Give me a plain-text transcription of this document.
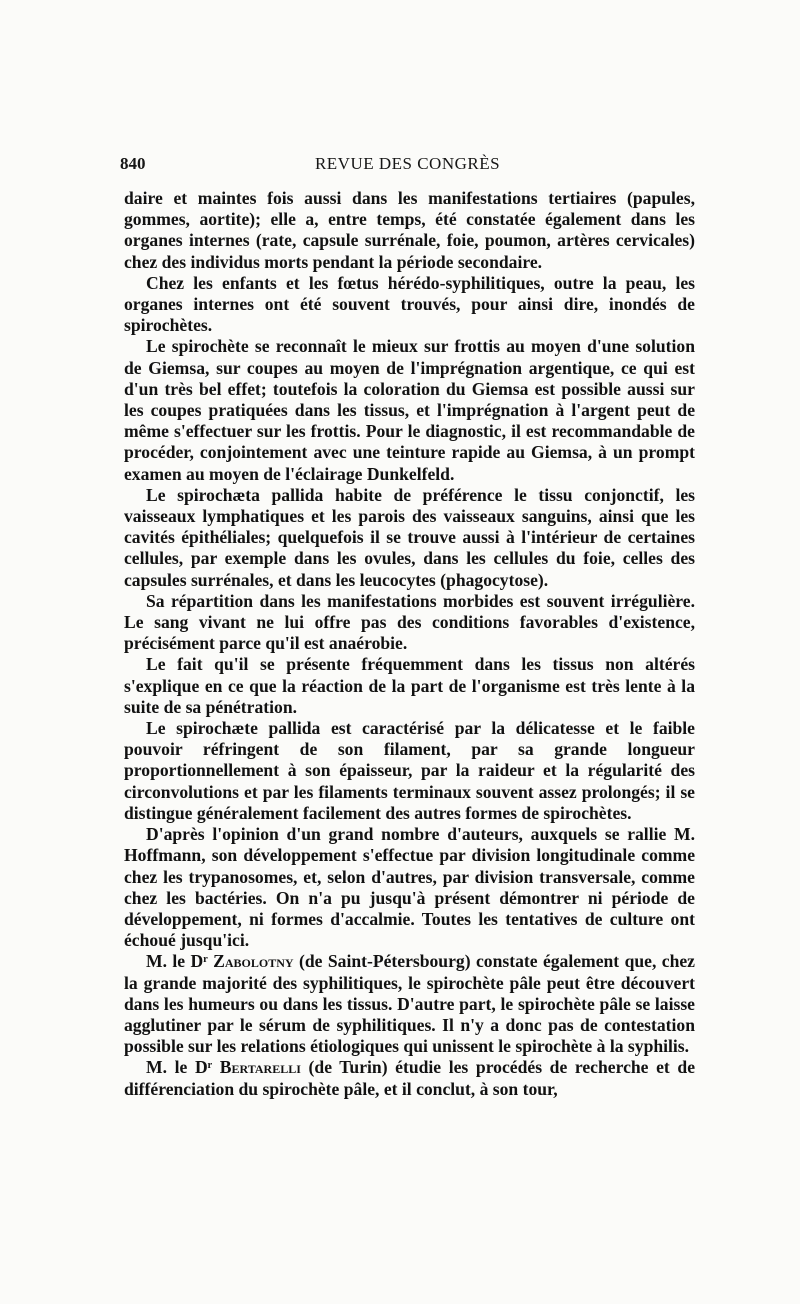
840	REVUE DES CONGRÈS

daire et maintes fois aussi dans les manifestations tertiaires (papules, gommes, aortite); elle a, entre temps, été constatée également dans les organes internes (rate, capsule surrénale, foie, poumon, artères cervicales) chez des individus morts pendant la période secondaire.

Chez les enfants et les fœtus hérédo-syphilitiques, outre la peau, les organes internes ont été souvent trouvés, pour ainsi dire, inondés de spirochètes.

Le spirochète se reconnaît le mieux sur frottis au moyen d'une solution de Giemsa, sur coupes au moyen de l'imprégnation argentique, ce qui est d'un très bel effet; toutefois la coloration du Giemsa est possible aussi sur les coupes pratiquées dans les tissus, et l'imprégnation à l'argent peut de même s'effectuer sur les frottis. Pour le diagnostic, il est recommandable de procéder, conjointement avec une teinture rapide au Giemsa, à un prompt examen au moyen de l'éclairage Dunkelfeld.

Le spirochæta pallida habite de préférence le tissu conjonctif, les vaisseaux lymphatiques et les parois des vaisseaux sanguins, ainsi que les cavités épithéliales; quelquefois il se trouve aussi à l'intérieur de certaines cellules, par exemple dans les ovules, dans les cellules du foie, celles des capsules surrénales, et dans les leucocytes (phagocytose).

Sa répartition dans les manifestations morbides est souvent irrégulière. Le sang vivant ne lui offre pas des conditions favorables d'existence, précisément parce qu'il est anaérobie.

Le fait qu'il se présente fréquemment dans les tissus non altérés s'explique en ce que la réaction de la part de l'organisme est très lente à la suite de sa pénétration.

Le spirochæte pallida est caractérisé par la délicatesse et le faible pouvoir réfringent de son filament, par sa grande longueur proportionnellement à son épaisseur, par la raideur et la régularité des circonvolutions et par les filaments terminaux souvent assez prolongés; il se distingue généralement facilement des autres formes de spirochètes.

D'après l'opinion d'un grand nombre d'auteurs, auxquels se rallie M. Hoffmann, son développement s'effectue par division longitudinale comme chez les trypanosomes, et, selon d'autres, par division transversale, comme chez les bactéries. On n'a pu jusqu'à présent démontrer ni période de développement, ni formes d'accalmie. Toutes les tentatives de culture ont échoué jusqu'ici.

M. le Dʳ Zabolotny (de Saint-Pétersbourg) constate également que, chez la grande majorité des syphilitiques, le spirochète pâle peut être découvert dans les humeurs ou dans les tissus. D'autre part, le spirochète pâle se laisse agglutiner par le sérum de syphilitiques. Il n'y a donc pas de contestation possible sur les relations étiologiques qui unissent le spirochète à la syphilis.

M. le Dʳ Bertarelli (de Turin) étudie les procédés de recherche et de différenciation du spirochète pâle, et il conclut, à son tour,
